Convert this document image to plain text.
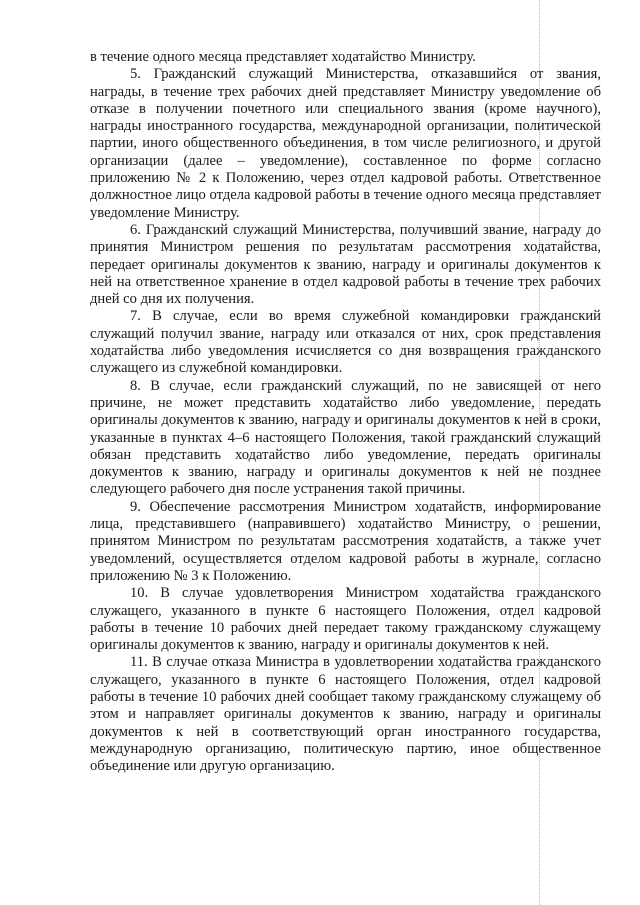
в течение одного месяца представляет ходатайство Министру.

5. Гражданский служащий Министерства, отказавшийся от звания, награды, в течение трех рабочих дней представляет Министру уведомление об отказе в получении почетного или специального звания (кроме научного), награды иностранного государства, международной организации, политической партии, иного общественного объединения, в том числе религиозного, и другой организации (далее – уведомление), составленное по форме согласно приложению № 2 к Положению, через отдел кадровой работы. Ответственное должностное лицо отдела кадровой работы в течение одного месяца представляет уведомление Министру.

6. Гражданский служащий Министерства, получивший звание, награду до принятия Министром решения по результатам рассмотрения ходатайства, передает оригиналы документов к званию, награду и оригиналы документов к ней на ответственное хранение в отдел кадровой работы в течение трех рабочих дней со дня их получения.

7. В случае, если во время служебной командировки гражданский служащий получил звание, награду или отказался от них, срок представления ходатайства либо уведомления исчисляется со дня возвращения гражданского служащего из служебной командировки.

8. В случае, если гражданский служащий, по не зависящей от него причине, не может представить ходатайство либо уведомление, передать оригиналы документов к званию, награду и оригиналы документов к ней в сроки, указанные в пунктах 4–6 настоящего Положения, такой гражданский служащий обязан представить ходатайство либо уведомление, передать оригиналы документов к званию, награду и оригиналы документов к ней не позднее следующего рабочего дня после устранения такой причины.

9. Обеспечение рассмотрения Министром ходатайств, информирование лица, представившего (направившего) ходатайство Министру, о решении, принятом Министром по результатам рассмотрения ходатайств, а также учет уведомлений, осуществляется отделом кадровой работы в журнале, согласно приложению № 3 к Положению.

10. В случае удовлетворения Министром ходатайства гражданского служащего, указанного в пункте 6 настоящего Положения, отдел кадровой работы в течение 10 рабочих дней передает такому гражданскому служащему оригиналы документов к званию, награду и оригиналы документов к ней.

11. В случае отказа Министра в удовлетворении ходатайства гражданского служащего, указанного в пункте 6 настоящего Положения, отдел кадровой работы в течение 10 рабочих дней сообщает такому гражданскому служащему об этом и направляет оригиналы документов к званию, награду и оригиналы документов к ней в соответствующий орган иностранного государства, международную организацию, политическую партию, иное общественное объединение или другую организацию.
